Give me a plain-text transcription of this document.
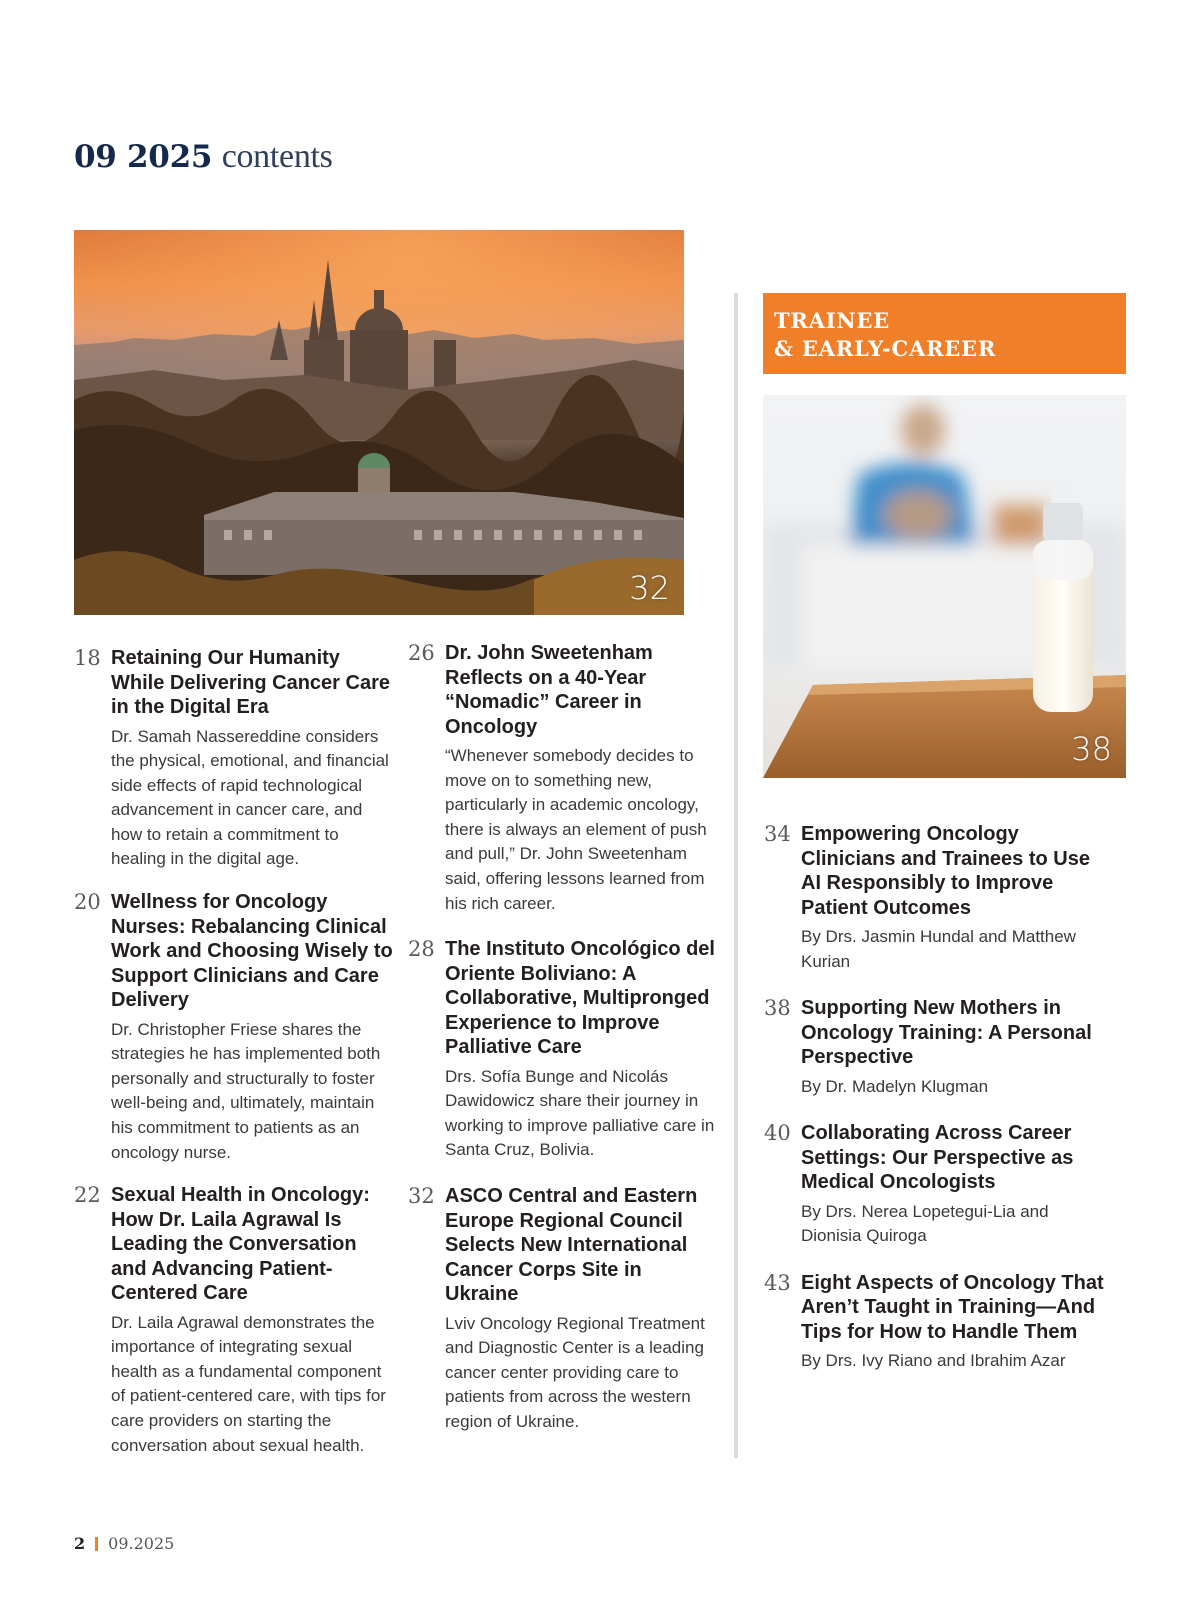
09 2025 contents
32
18 Retaining Our Humanity While Delivering Cancer Care in the Digital Era
Dr. Samah Nassereddine considers the physical, emotional, and financial side effects of rapid technological advancement in cancer care, and how to retain a commitment to healing in the digital age.
20 Wellness for Oncology Nurses: Rebalancing Clinical Work and Choosing Wisely to Support Clinicians and Care Delivery
Dr. Christopher Friese shares the strategies he has implemented both personally and structurally to foster well-being and, ultimately, maintain his commitment to patients as an oncology nurse.
22 Sexual Health in Oncology: How Dr. Laila Agrawal Is Leading the Conversation and Advancing Patient-Centered Care
Dr. Laila Agrawal demonstrates the importance of integrating sexual health as a fundamental component of patient-centered care, with tips for care providers on starting the conversation about sexual health.
26 Dr. John Sweetenham Reflects on a 40-Year “Nomadic” Career in Oncology
“Whenever somebody decides to move on to something new, particularly in academic oncology, there is always an element of push and pull,” Dr. John Sweetenham said, offering lessons learned from his rich career.
28 The Instituto Oncológico del Oriente Boliviano: A Collaborative, Multipronged Experience to Improve Palliative Care
Drs. Sofía Bunge and Nicolás Dawidowicz share their journey in working to improve palliative care in Santa Cruz, Bolivia.
32 ASCO Central and Eastern Europe Regional Council Selects New International Cancer Corps Site in Ukraine
Lviv Oncology Regional Treatment and Diagnostic Center is a leading cancer center providing care to patients from across the western region of Ukraine.
TRAINEE
& EARLY-CAREER
38
34 Empowering Oncology Clinicians and Trainees to Use AI Responsibly to Improve Patient Outcomes
By Drs. Jasmin Hundal and Matthew Kurian
38 Supporting New Mothers in Oncology Training: A Personal Perspective
By Dr. Madelyn Klugman
40 Collaborating Across Career Settings: Our Perspective as Medical Oncologists
By Drs. Nerea Lopetegui-Lia and Dionisia Quiroga
43 Eight Aspects of Oncology That Aren’t Taught in Training—And Tips for How to Handle Them
By Drs. Ivy Riano and Ibrahim Azar
2 09.2025
